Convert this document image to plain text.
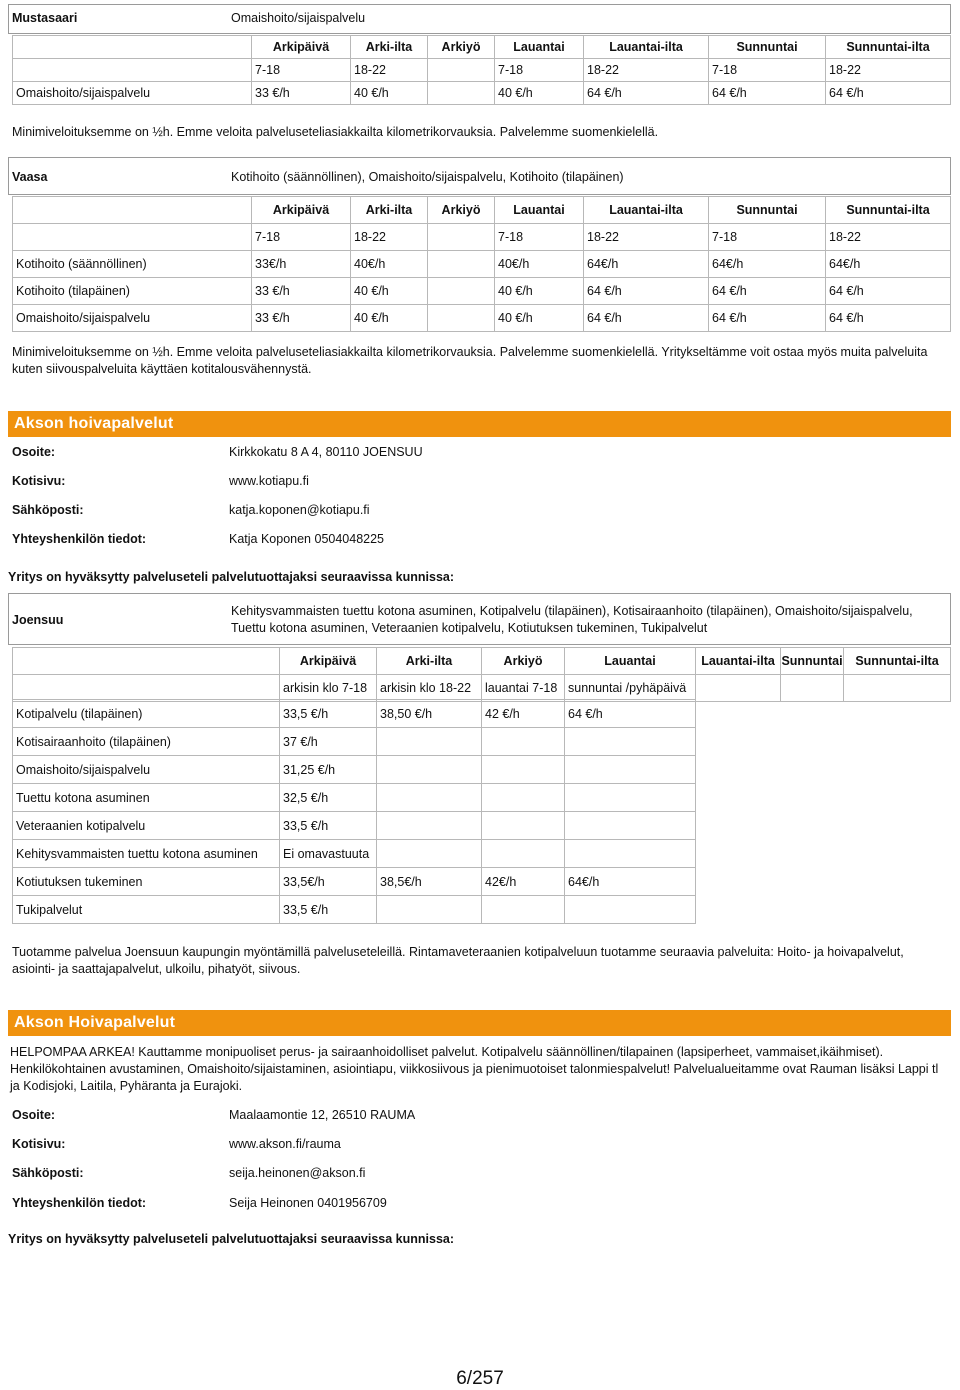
Mustasaari	Omaishoito/sijaispalvelu
	Arkipäivä	Arki-ilta	Arkiyö	Lauantai	Lauantai-ilta	Sunnuntai	Sunnuntai-ilta
	7-18	18-22		7-18	18-22	7-18	18-22
Omaishoito/sijaispalvelu	33 €/h	40 €/h		40 €/h	64 €/h	64 €/h	64 €/h
Minimiveloituksemme on ½h. Emme veloita palveluseteliasiakkailta kilometrikorvauksia. Palvelemme suomenkielellä.
Vaasa	Kotihoito (säännöllinen), Omaishoito/sijaispalvelu, Kotihoito (tilapäinen)
	Arkipäivä	Arki-ilta	Arkiyö	Lauantai	Lauantai-ilta	Sunnuntai	Sunnuntai-ilta
	7-18	18-22		7-18	18-22	7-18	18-22
Kotihoito (säännöllinen)	33€/h	40€/h		40€/h	64€/h	64€/h	64€/h
Kotihoito (tilapäinen)	33 €/h	40 €/h		40 €/h	64 €/h	64 €/h	64 €/h
Omaishoito/sijaispalvelu	33 €/h	40 €/h		40 €/h	64 €/h	64 €/h	64 €/h
Minimiveloituksemme on ½h. Emme veloita palveluseteliasiakkailta kilometrikorvauksia. Palvelemme suomenkielellä. Yritykseltämme voit ostaa myös muita palveluita kuten siivouspalveluita käyttäen kotitalousvähennystä.
Akson hoivapalvelut
Osoite:	Kirkkokatu 8 A 4, 80110 JOENSUU
Kotisivu:	www.kotiapu.fi
Sähköposti:	katja.koponen@kotiapu.fi
Yhteyshenkilön tiedot:	Katja Koponen 0504048225
Yritys on hyväksytty palveluseteli palvelutuottajaksi seuraavissa kunnissa:
Joensuu
Kehitysvammaisten tuettu kotona asuminen, Kotipalvelu (tilapäinen), Kotisairaanhoito (tilapäinen), Omaishoito/sijaispalvelu, Tuettu kotona asuminen, Veteraanien kotipalvelu, Kotiutuksen tukeminen, Tukipalvelut
	Arkipäivä	Arki-ilta	Arkiyö	Lauantai	Lauantai-ilta	Sunnuntai	Sunnuntai-ilta
	arkisin klo 7-18	arkisin klo 18-22	lauantai 7-18	sunnuntai /pyhäpäivä			
Kotipalvelu (tilapäinen)	33,5 €/h	38,50 €/h	42 €/h	64 €/h	
Kotisairaanhoito (tilapäinen)	37 €/h				
Omaishoito/sijaispalvelu	31,25 €/h				
Tuettu kotona asuminen	32,5 €/h				
Veteraanien kotipalvelu	33,5 €/h				
Kehitysvammaisten tuettu kotona asuminen	Ei omavastuuta				
Kotiutuksen tukeminen	33,5€/h	38,5€/h	42€/h	64€/h	
Tukipalvelut	33,5 €/h				
Tuotamme palvelua Joensuun kaupungin myöntämillä palveluseteleillä. Rintamaveteraanien kotipalveluun tuotamme seuraavia palveluita: Hoito- ja hoivapalvelut, asiointi- ja saattajapalvelut, ulkoilu, pihatyöt, siivous.
Akson Hoivapalvelut
HELPOMPAA ARKEA! Kauttamme monipuoliset perus- ja sairaanhoidolliset palvelut. Kotipalvelu säännöllinen/tilapainen (lapsiperheet, vammaiset,ikäihmiset). Henkilökohtainen avustaminen, Omaishoito/sijaistaminen, asiointiapu, viikkosiivous ja pienimuotoiset talonmiespalvelut! Palvelualueitamme ovat Rauman lisäksi Lappi tl ja Kodisjoki, Laitila, Pyhäranta ja Eurajoki.
Osoite:	Maalaamontie 12, 26510 RAUMA
Kotisivu:	www.akson.fi/rauma
Sähköposti:	seija.heinonen@akson.fi
Yhteyshenkilön tiedot:	Seija Heinonen 0401956709
Yritys on hyväksytty palveluseteli palvelutuottajaksi seuraavissa kunnissa:
6/257
